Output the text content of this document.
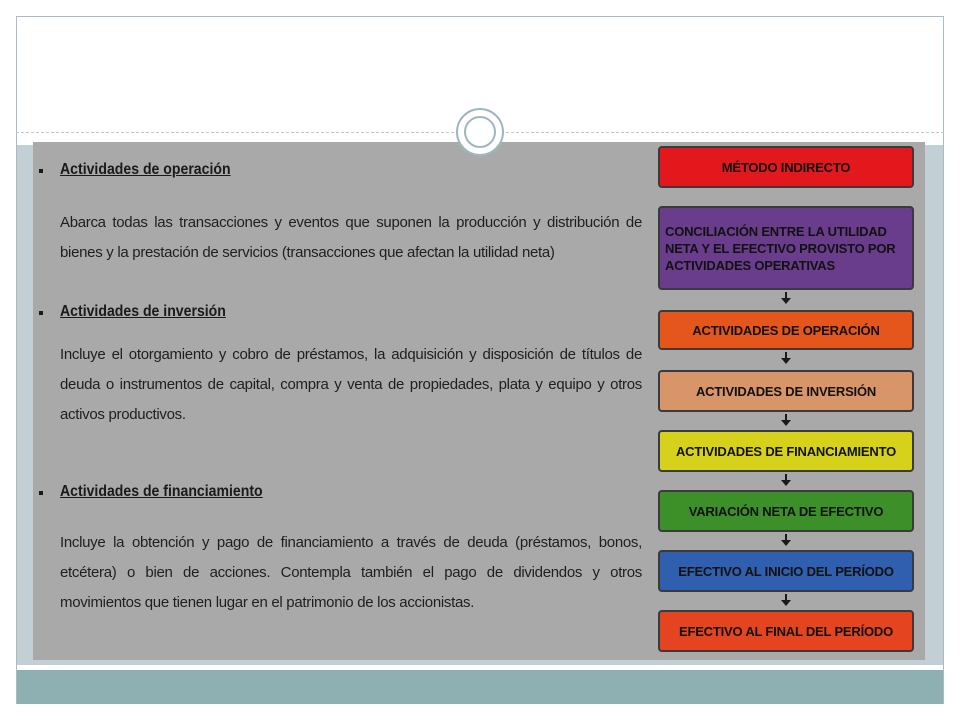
Actividades de operación

Abarca todas las transacciones y eventos que suponen la producción y distribución de bienes y la prestación de servicios (transacciones que afectan la utilidad neta)

Actividades de inversión

Incluye el otorgamiento y cobro de préstamos, la adquisición y disposición de títulos de deuda o instrumentos de capital, compra y venta de propiedades, plata y equipo y otros activos productivos.

Actividades de financiamiento

Incluye la obtención y pago de financiamiento a través de deuda (préstamos, bonos, etcétera) o bien de acciones. Contempla también el pago de dividendos y otros movimientos que tienen lugar en el patrimonio de los accionistas.

MÉTODO INDIRECTO
CONCILIACIÓN ENTRE LA UTILIDAD NETA Y EL EFECTIVO PROVISTO POR ACTIVIDADES OPERATIVAS
ACTIVIDADES DE OPERACIÓN
ACTIVIDADES DE INVERSIÓN
ACTIVIDADES DE FINANCIAMIENTO
VARIACIÓN NETA DE EFECTIVO
EFECTIVO AL INICIO DEL PERÍODO
EFECTIVO AL FINAL DEL PERÍODO
